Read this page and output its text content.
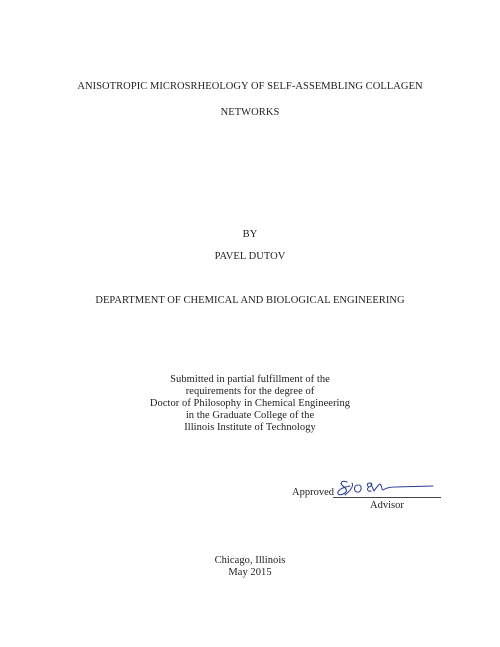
ANISOTROPIC MICROSRHEOLOGY OF SELF-ASSEMBLING COLLAGEN
NETWORKS
BY
PAVEL DUTOV
DEPARTMENT OF CHEMICAL AND BIOLOGICAL ENGINEERING
Submitted in partial fulfillment of the
requirements for the degree of
Doctor of Philosophy in Chemical Engineering
in the Graduate College of the
Illinois Institute of Technology
Approved
Advisor
Chicago, Illinois
May 2015
